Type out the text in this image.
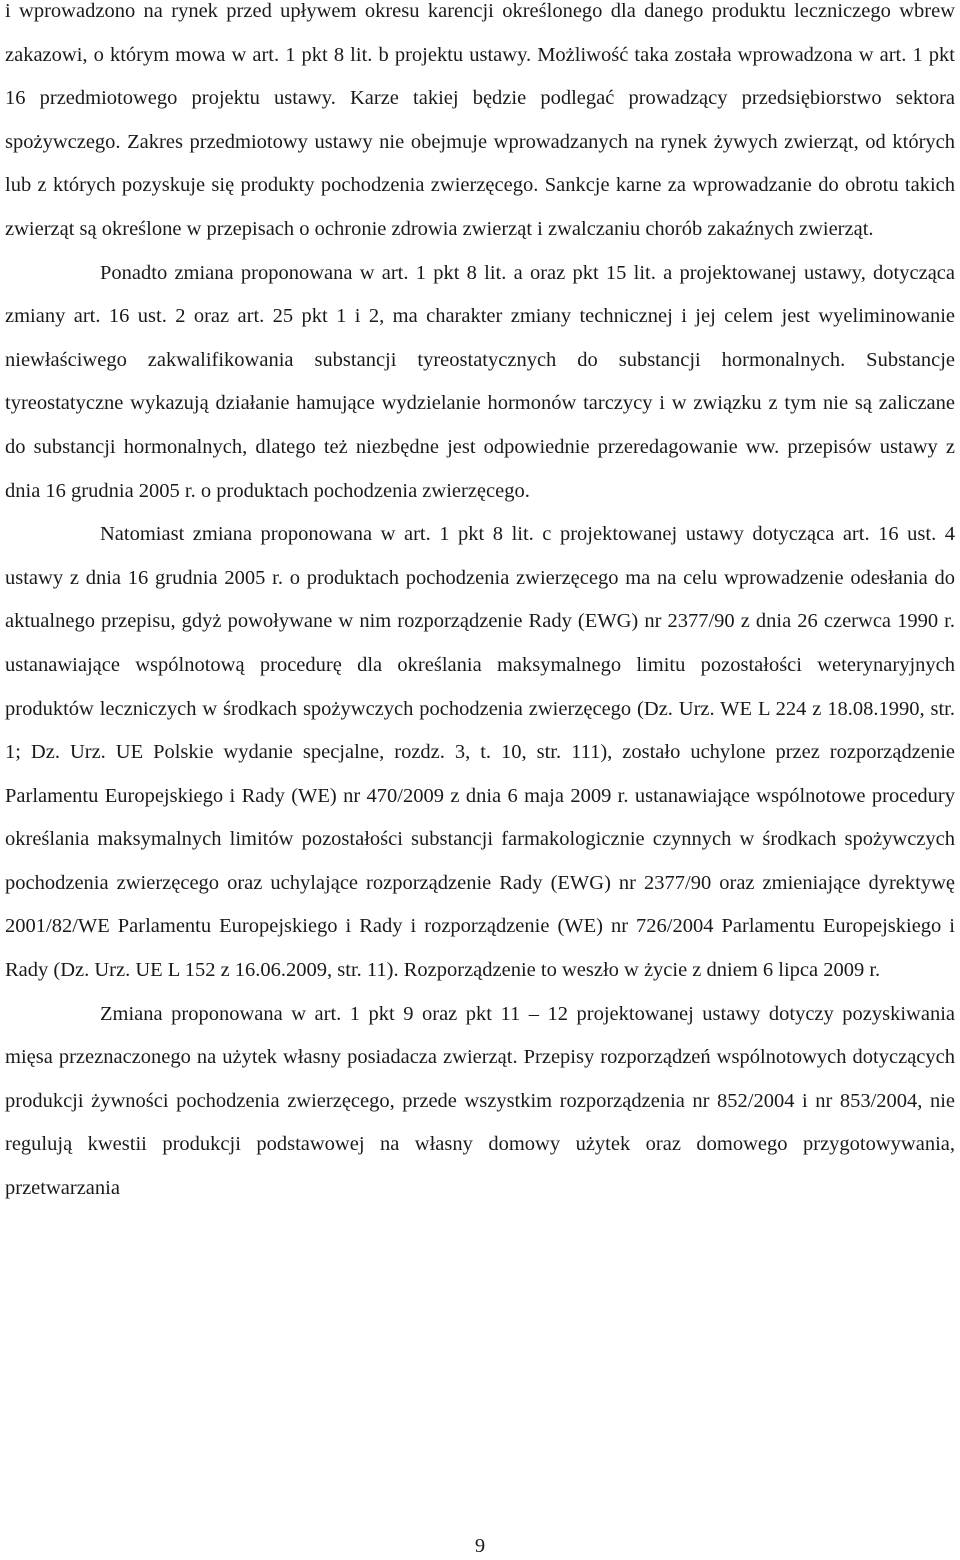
i wprowadzono na rynek przed upływem okresu karencji określonego dla danego produktu leczniczego wbrew zakazowi, o którym mowa w art. 1 pkt 8 lit. b projektu ustawy. Możliwość taka została wprowadzona w art. 1 pkt 16 przedmiotowego projektu ustawy. Karze takiej będzie podlegać prowadzący przedsiębiorstwo sektora spożywczego. Zakres przedmiotowy ustawy nie obejmuje wprowadzanych na rynek żywych zwierząt, od których lub z których pozyskuje się produkty pochodzenia zwierzęcego. Sankcje karne za wprowadzanie do obrotu takich zwierząt są określone w przepisach o ochronie zdrowia zwierząt i zwalczaniu chorób zakaźnych zwierząt.

Ponadto zmiana proponowana w art. 1 pkt 8 lit. a oraz pkt 15 lit. a projektowanej ustawy, dotycząca zmiany art. 16 ust. 2 oraz art. 25 pkt 1 i 2, ma charakter zmiany technicznej i jej celem jest wyeliminowanie niewłaściwego zakwalifikowania substancji tyreostatycznych do substancji hormonalnych. Substancje tyreostatyczne wykazują działanie hamujące wydzielanie hormonów tarczycy i w związku z tym nie są zaliczane do substancji hormonalnych, dlatego też niezbędne jest odpowiednie przeredagowanie ww. przepisów ustawy z dnia 16 grudnia 2005 r. o produktach pochodzenia zwierzęcego.

Natomiast zmiana proponowana w art. 1 pkt 8 lit. c projektowanej ustawy dotycząca art. 16 ust. 4 ustawy z dnia 16 grudnia 2005 r. o produktach pochodzenia zwierzęcego ma na celu wprowadzenie odesłania do aktualnego przepisu, gdyż powoływane w nim rozporządzenie Rady (EWG) nr 2377/90 z dnia 26 czerwca 1990 r. ustanawiające wspólnotową procedurę dla określania maksymalnego limitu pozostałości weterynaryjnych produktów leczniczych w środkach spożywczych pochodzenia zwierzęcego (Dz. Urz. WE L 224 z 18.08.1990, str. 1; Dz. Urz. UE Polskie wydanie specjalne, rozdz. 3, t. 10, str. 111), zostało uchylone przez rozporządzenie Parlamentu Europejskiego i Rady (WE) nr 470/2009 z dnia 6 maja 2009 r. ustanawiające wspólnotowe procedury określania maksymalnych limitów pozostałości substancji farmakologicznie czynnych w środkach spożywczych pochodzenia zwierzęcego oraz uchylające rozporządzenie Rady (EWG) nr 2377/90 oraz zmieniające dyrektywę 2001/82/WE Parlamentu Europejskiego i Rady i rozporządzenie (WE) nr 726/2004 Parlamentu Europejskiego i Rady (Dz. Urz. UE L 152 z 16.06.2009, str. 11). Rozporządzenie to weszło w życie z dniem 6 lipca 2009 r.

Zmiana proponowana w art. 1 pkt 9 oraz pkt 11 – 12 projektowanej ustawy dotyczy pozyskiwania mięsa przeznaczonego na użytek własny posiadacza zwierząt. Przepisy rozporządzeń wspólnotowych dotyczących produkcji żywności pochodzenia zwierzęcego, przede wszystkim rozporządzenia nr 852/2004 i nr 853/2004, nie regulują kwestii produkcji podstawowej na własny domowy użytek oraz domowego przygotowywania, przetwarzania

9
